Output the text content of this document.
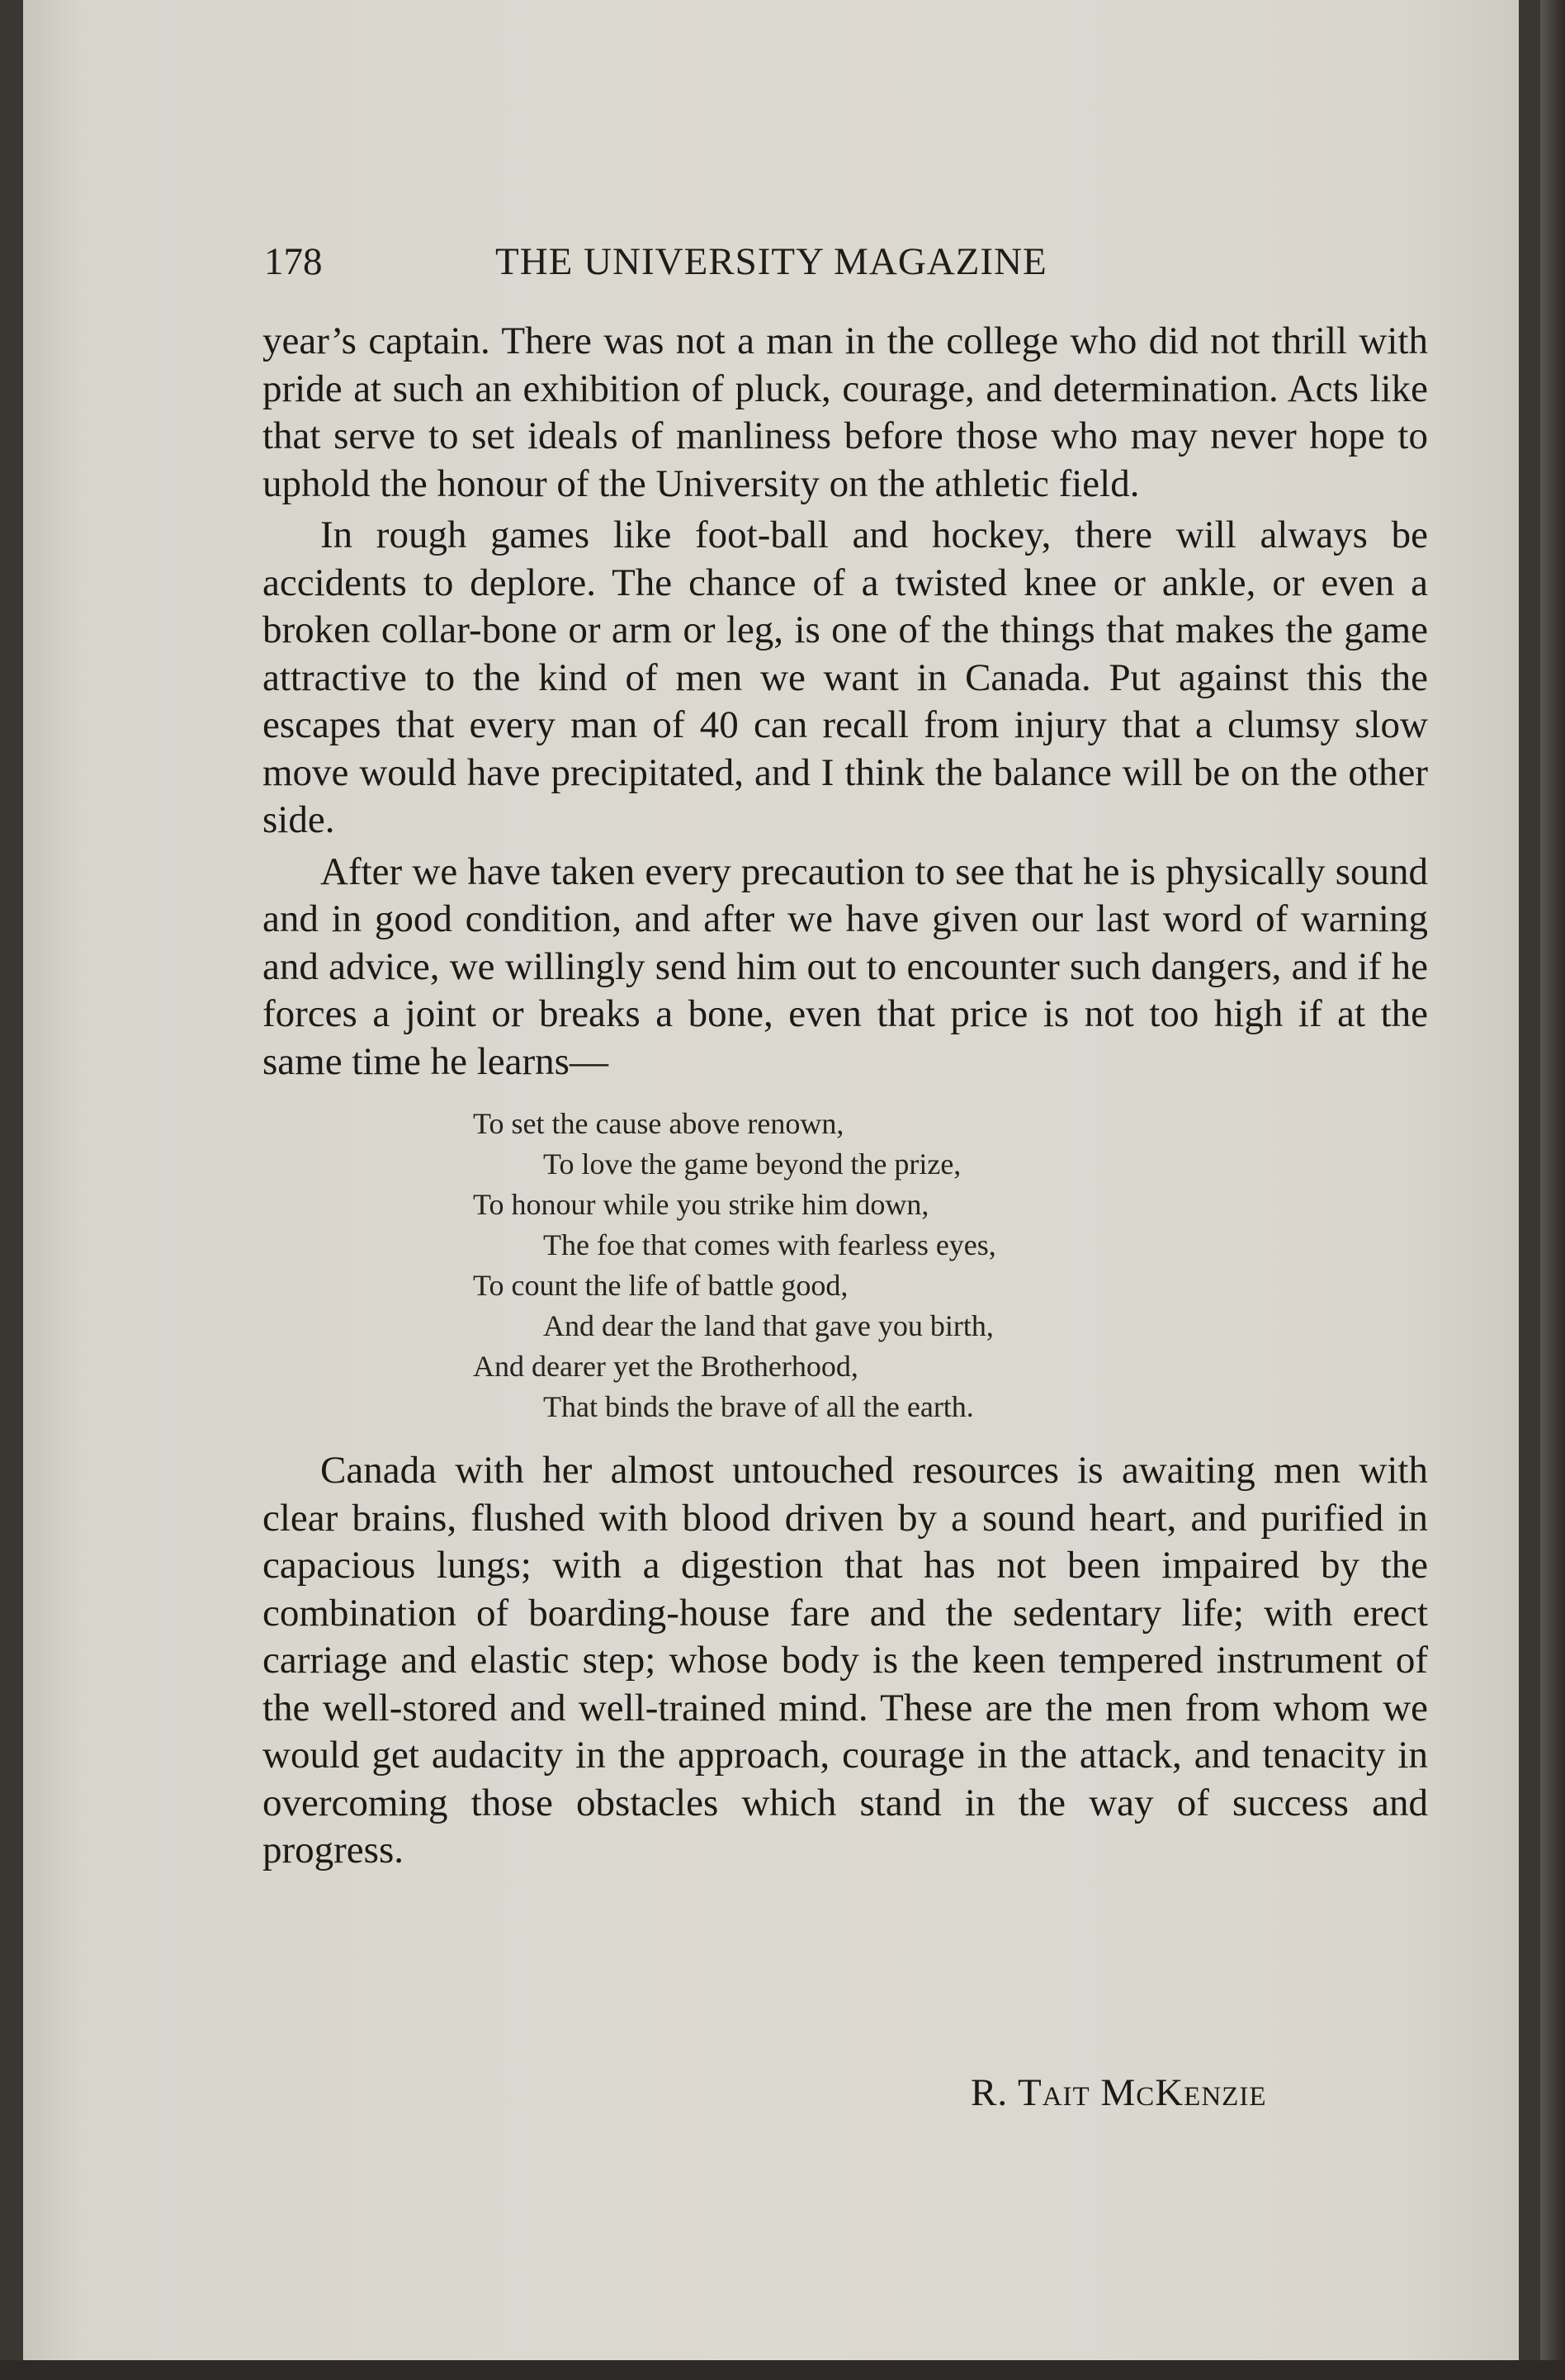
178	THE UNIVERSITY MAGAZINE

year’s captain. There was not a man in the college who did not thrill with pride at such an exhibition of pluck, courage, and determination. Acts like that serve to set ideals of manliness before those who may never hope to uphold the honour of the University on the athletic field.

In rough games like foot-ball and hockey, there will always be accidents to deplore. The chance of a twisted knee or ankle, or even a broken collar-bone or arm or leg, is one of the things that makes the game attractive to the kind of men we want in Canada. Put against this the escapes that every man of 40 can recall from injury that a clumsy slow move would have precipitated, and I think the balance will be on the other side.

After we have taken every precaution to see that he is physically sound and in good condition, and after we have given our last word of warning and advice, we willingly send him out to encounter such dangers, and if he forces a joint or breaks a bone, even that price is not too high if at the same time he learns—

To set the cause above renown,
To love the game beyond the prize,
To honour while you strike him down,
The foe that comes with fearless eyes,
To count the life of battle good,
And dear the land that gave you birth,
And dearer yet the Brotherhood,
That binds the brave of all the earth.

Canada with her almost untouched resources is awaiting men with clear brains, flushed with blood driven by a sound heart, and purified in capacious lungs; with a digestion that has not been impaired by the combination of boarding-house fare and the sedentary life; with erect carriage and elastic step; whose body is the keen tempered instrument of the well-stored and well-trained mind. These are the men from whom we would get audacity in the approach, courage in the attack, and tenacity in overcoming those obstacles which stand in the way of success and progress.

R. Tait McKenzie
